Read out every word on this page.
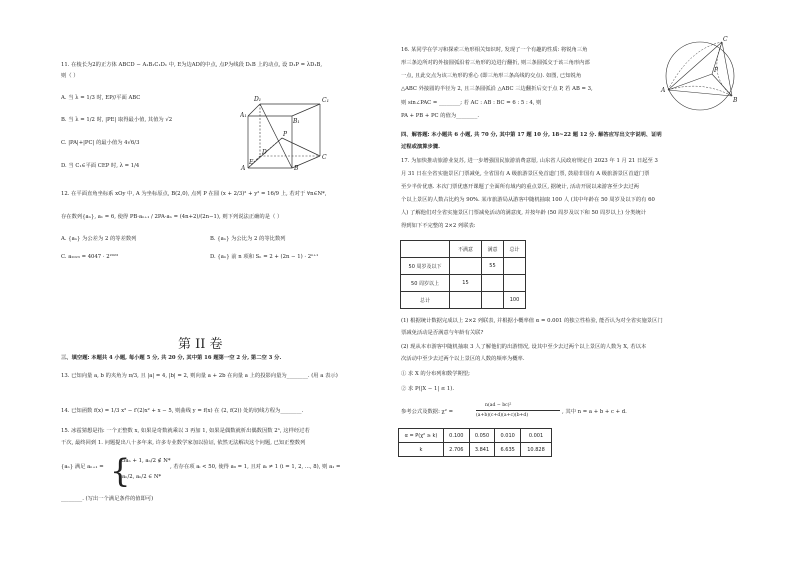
11. 在棱长为2的正方体 ABCD − A₁B₁C₁D₁ 中, E为边AD的中点, 点P为线段 D₁B 上的动点, 设 D₁P = λD₁B,
则（ ）
A. 当 λ = 1/3 时, EP//平面 ABC
B. 当 λ = 1/2 时, |PE| 取得最小值, 其值为 √2
C. |PA|+|PC| 的最小值为 4√6/3
D. 当 C₁∈平面 CEP 时, λ = 1/4
D₁	C₁
A₁
B₁
D
C
A	B
E
P
12. 在平面直角坐标系 xOy 中, A 为坐标原点, B(2,0), 点列 P 在圆 (x + 2/3)² + y² = 16/9 上, 若对于 ∀n∈N*,
存在数列{aₙ}, a₁ = 6, 使得 PB·aₙ₊₁ / 2PA·aₙ = (4n+2)/(2n−1), 则下列说法正确的是（ ）
A. {aₙ} 为公差为 2 的等差数列	B. {aₙ} 为公比为 2 的等比数列
C. a₂₀₂₃ = 4047 · 2²⁰²³	D. {aₙ} 前 n 项和 Sₙ = 2 + (2n − 1) · 2ⁿ⁺¹
第 II 卷
三、填空题: 本题共 4 小题, 每小题 5 分, 共 20 分, 其中第 16 题第一空 2 分, 第二空 3 分.
13. 已知向量 a, b 的夹角为 π/3, 且 |a| = 4, |b| = 2, 则向量 a + 2b 在向量 a 上的投影向量为________. (用 a 表示)
14. 已知函数 f(x) = 1/3 x³ − f′(2)x² + x − 5, 则曲线 y = f(x) 在 (2, f(2)) 处的切线方程为________.
15. 冰雹猜想是指: 一个正整数 x, 如果是奇数就乘以 3 再加 1, 如果是偶数就析出偶数因数 2ⁿ, 这样经过若
干次, 最终回到 1. 问题提出八十多年来, 许多专业数学家加以验证, 依然无法解决这个问题, 已知正整数列
{aₙ} 满足 aₙ₊₁ = {
3aₙ + 1, aₙ/2 ∉ N*
aₙ/2, aₙ/2 ∈ N*
, 若存在项 aᵢ < 50, 使得 a₉ = 1, 且对 aᵢ ≠ 1 (i = 1, 2, ..., 8), 则 a₁ =
________. (写出一个满足条件的值即可)
16. 某同学在学习和探索三角形相关知识时, 发现了一个有趣的性质: 将锐角三角
形三条边所对的外接圆弧沿着三角形的边进行翻折, 则三条圆弧交于该三角形内部
一点, 且此交点为该三角形的垂心 (即三角形三条高线的交点). 如图, 已知锐角
△ABC 外接圆的半径为 2, 且三条圆弧沿 △ABC 三边翻折后交于点 P, 若 AB = 3,
则 sin∠PAC = ________; 若 AC : AB : BC = 6 : 5 : 4, 则
PA + PB + PC 的值为________.
A
B
C
P
四、解答题: 本小题共 6 小题, 共 70 分, 其中第 17 题 10 分, 18~22 题 12 分. 解答应写出文字说明、证明
过程或演算步骤.
17. 为加快推动旅游业复苏, 进一步增强国民旅游消费意愿, 山东省人民政府规定自 2023 年 1 月 21 日起至 3
月 31 日在全省实施景区门票减免, 全省国有 A 级旅游景区免首道门票, 鼓励非国有 A 级旅游景区首道门票
至少半价优惠. 本次门票优惠开课题了全面所有域内的重点景区, 据统计, 活动开展以来游客至少去过两
个以上景区的人数占比约为 90%. 某市旅游局从游客中随机抽取 100 人 (其中年龄在 50 周岁及以下的有 60
人) 了解他们对全省实施景区门票减免活动的满意度, 并按年龄 (50 周岁及以下和 50 周岁以上) 分类统计
得到如下不完整的 2×2 列联表:
	不满意	满意	总计
50 周岁及以下		55	
50 周岁以上	15		
总计			100
(1) 根据统计数据完成以上 2×2 列联表, 并根据小概率值 α = 0.001 的独立性检验, 能否认为对全省实施景区门
票减免活动是否满意与年龄有关联?
(2) 现从本市游客中随机抽取 3 人了解他们的出游情况, 设其中至少去过两个以上景区的人数为 X, 若以本
次活动中至少去过两个以上景区的人数的频率为概率.
① 求 X 的分布列和数学期望;
② 求 P(|X − 1| ≤ 1).
参考公式及数据: χ² =
n(ad − bc)²
(a+b)(c+d)(a+c)(b+d)
, 其中 n = a + b + c + d.
α = P(χ² ≥ k)	0.100	0.050	0.010	0.001
k	2.706	3.841	6.635	10.828
